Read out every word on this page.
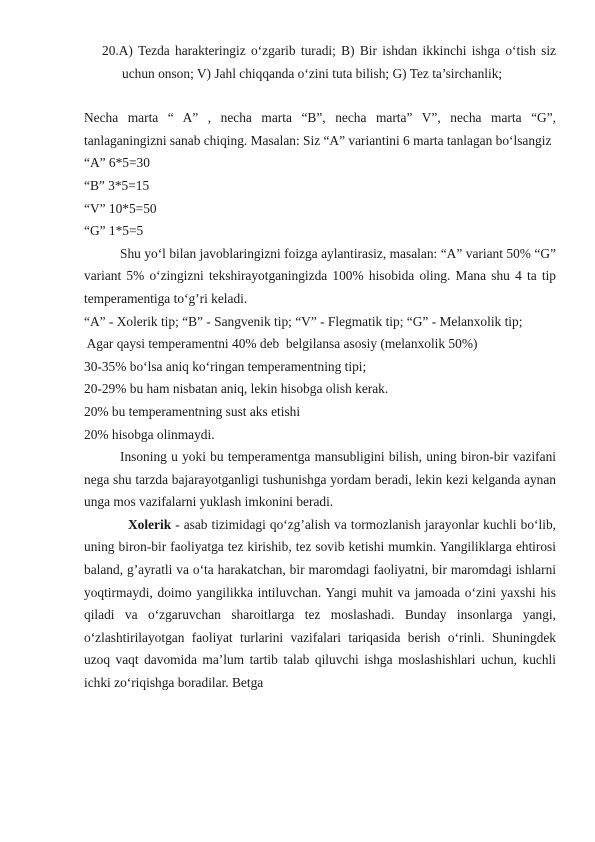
20.A) Tezda harakteringiz o‘zgarib turadi; B) Bir ishdan ikkinchi ishga o‘tish siz uchun onson; V) Jahl chiqqanda o‘zini tuta bilish; G) Tez ta’sirchanlik;

Necha marta “ A” , necha marta “B”, necha marta” V”, necha marta “G”, tanlaganingizni sanab chiqing. Masalan: Siz “A” variantini 6 marta tanlagan bo‘lsangiz

“A” 6*5=30

“B” 3*5=15

“V” 10*5=50

“G” 1*5=5

Shu yo‘l bilan javoblaringizni foizga aylantirasiz, masalan: “A” variant 50% “G” variant 5% o‘zingizni tekshirayotganingizda 100% hisobida oling. Mana shu 4 ta tip temperamentiga to‘g’ri keladi.

“A” - Xolerik tip; “B” - Sangvenik tip; “V” - Flegmatik tip; “G” - Melanxolik tip;

Agar qaysi temperamentni 40% deb  belgilansa asosiy (melanxolik 50%)

30-35% bo‘lsa aniq ko‘ringan temperamentning tipi;

20-29% bu ham nisbatan aniq, lekin hisobga olish kerak.

20% bu temperamentning sust aks etishi

20% hisobga olinmaydi.

Insoning u yoki bu temperamentga mansubligini bilish, uning biron-bir vazifani nega shu tarzda bajarayotganligi tushunishga yordam beradi, lekin kezi kelganda aynan unga mos vazifalarni yuklash imkonini beradi.

Xolerik - asab tizimidagi qo‘zg’alish va tormozlanish jarayonlar kuchli bo‘lib, uning biron-bir faoliyatga tez kirishib, tez sovib ketishi mumkin. Yangiliklarga ehtirosi baland, g’ayratli va o‘ta harakatchan, bir maromdagi faoliyatni, bir maromdagi ishlarni yoqtirmaydi, doimo yangilikka intiluvchan. Yangi muhit va jamoada o‘zini yaxshi his qiladi va o‘zgaruvchan sharoitlarga tez moslashadi. Bunday insonlarga yangi, o‘zlashtirilayotgan faoliyat turlarini vazifalari tariqasida berish o‘rinli. Shuningdek uzoq vaqt davomida ma’lum tartib talab qiluvchi ishga moslashishlari uchun, kuchli ichki zo‘riqishga boradilar. Betga
